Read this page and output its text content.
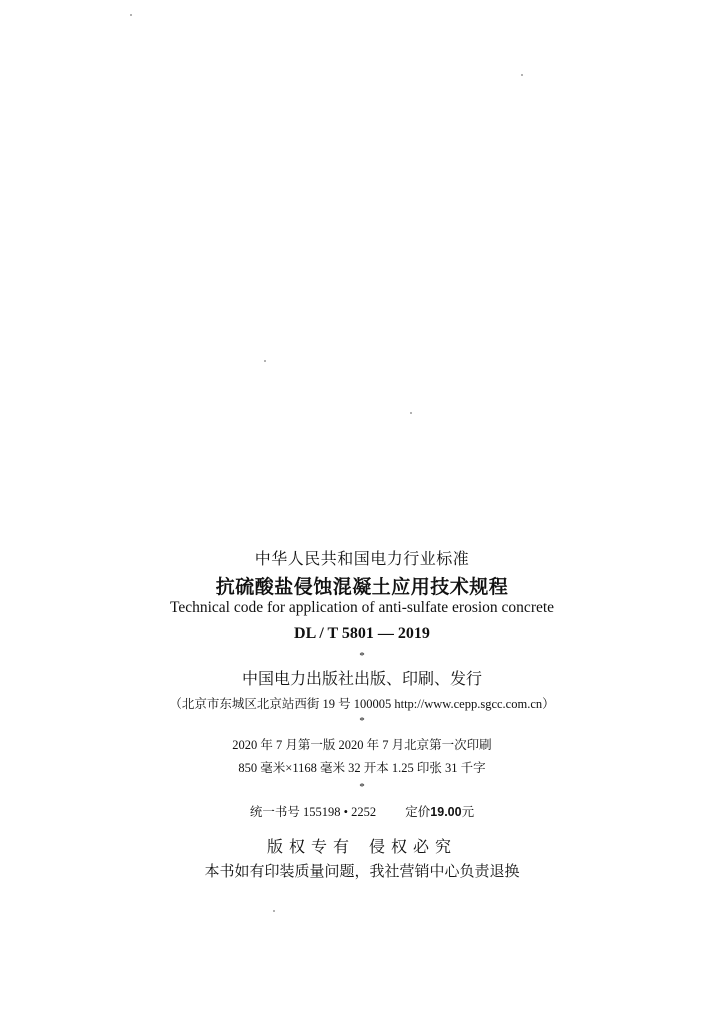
中华人民共和国电力行业标准
抗硫酸盐侵蚀混凝土应用技术规程
Technical code for application of anti-sulfate erosion concrete
DL / T 5801 — 2019
*
中国电力出版社出版、印刷、发行
（北京市东城区北京站西街 19 号 100005 http://www.cepp.sgcc.com.cn）
*
2020 年 7 月第一版 2020 年 7 月北京第一次印刷
850 毫米×1168 毫米 32 开本 1.25 印张 31 千字
*
统一书号 155198 • 2252 定价19.00元
版权专有 侵权必究
本书如有印装质量问题，我社营销中心负责退换
